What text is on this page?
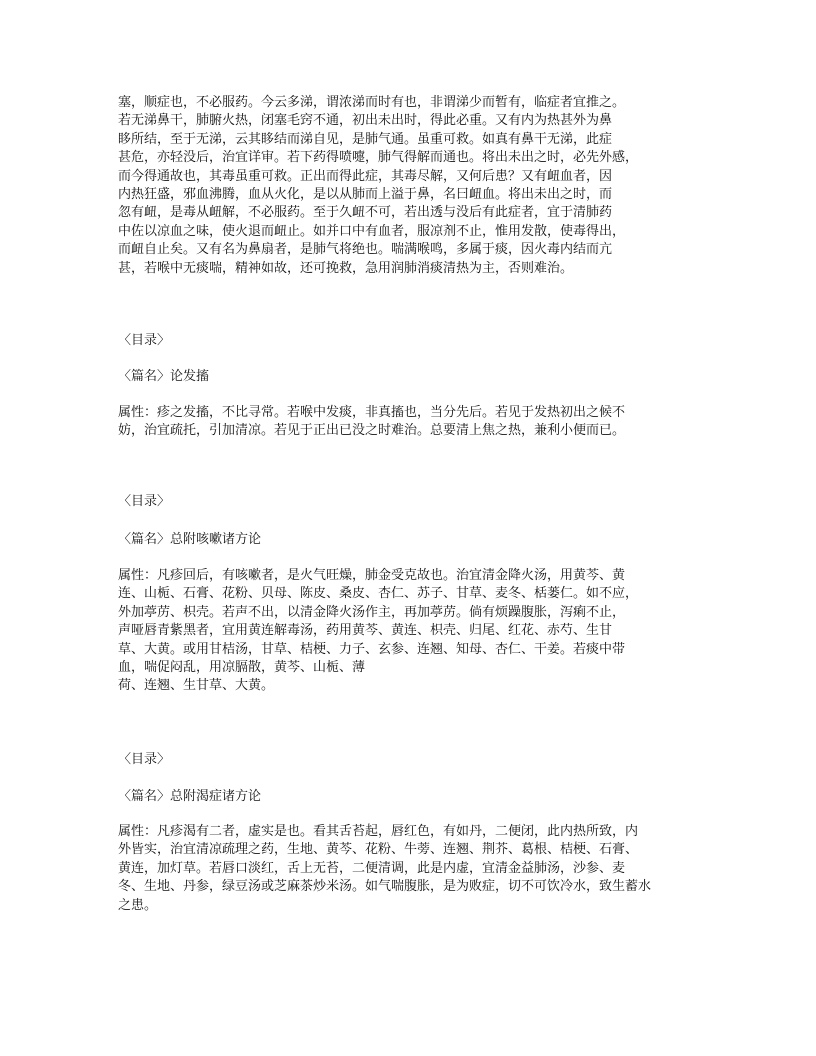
塞，顺症也，不必服药。今云多涕，谓浓涕而时有也，非谓涕少而暂有，临症者宜推之。
若无涕鼻干，肺腑火热，闭塞毛窍不通，初出未出时，得此必重。又有内为热甚外为鼻
眵所结，至于无涕，云其眵结而涕自见，是肺气通。虽重可救。如真有鼻干无涕，此症
甚危，亦轻没后，治宜详审。若下药得喷嚏，肺气得解而通也。将出未出之时，必先外感，
而今得通故也，其毒虽重可救。正出而得此症，其毒尽解，又何后患？又有衄血者，因
内热狂盛，邪血沸腾，血从火化，是以从肺而上溢于鼻，名曰衄血。将出未出之时，而
忽有衄，是毒从衄解，不必服药。至于久衄不可，若出透与没后有此症者，宜于清肺药
中佐以凉血之味，使火退而衄止。如并口中有血者，服凉剂不止，惟用发散，使毒得出，
而衄自止矣。又有名为鼻扇者，是肺气将绝也。喘满喉鸣，多属于痰，因火毒内结而亢
甚，若喉中无痰喘，精神如故，还可挽救，急用润肺消痰清热为主，否则难治。
〈目录〉
〈篇名〉论发搐
属性：疹之发搐，不比寻常。若喉中发痰，非真搐也，当分先后。若见于发热初出之候不
妨，治宜疏托，引加清凉。若见于正出已没之时难治。总要清上焦之热，兼利小便而已。
〈目录〉
〈篇名〉总附咳嗽诸方论
属性：凡疹回后，有咳嗽者，是火气旺燥，肺金受克故也。治宜清金降火汤，用黄芩、黄
连、山栀、石膏、花粉、贝母、陈皮、桑皮、杏仁、苏子、甘草、麦冬、栝蒌仁。如不应，
外加葶苈、枳壳。若声不出，以清金降火汤作主，再加葶苈。倘有烦躁腹胀，泻痢不止，
声哑唇青紫黑者，宜用黄连解毒汤，药用黄芩、黄连、枳壳、归尾、红花、赤芍、生甘
草、大黄。或用甘桔汤，甘草、桔梗、力子、玄参、连翘、知母、杏仁、干姜。若痰中带
血，喘促闷乱，用凉膈散，黄芩、山栀、薄
荷、连翘、生甘草、大黄。
〈目录〉
〈篇名〉总附渴症诸方论
属性：凡疹渴有二者，虚实是也。看其舌苔起，唇红色，有如丹，二便闭，此内热所致，内
外皆实，治宜清凉疏理之药，生地、黄芩、花粉、牛蒡、连翘、荆芥、葛根、桔梗、石膏、
黄连，加灯草。若唇口淡红，舌上无苔，二便清调，此是内虚，宜清金益肺汤，沙参、麦
冬、生地、丹参，绿豆汤或芝麻茶炒米汤。如气喘腹胀，是为败症，切不可饮冷水，致生蓄水
之患。
